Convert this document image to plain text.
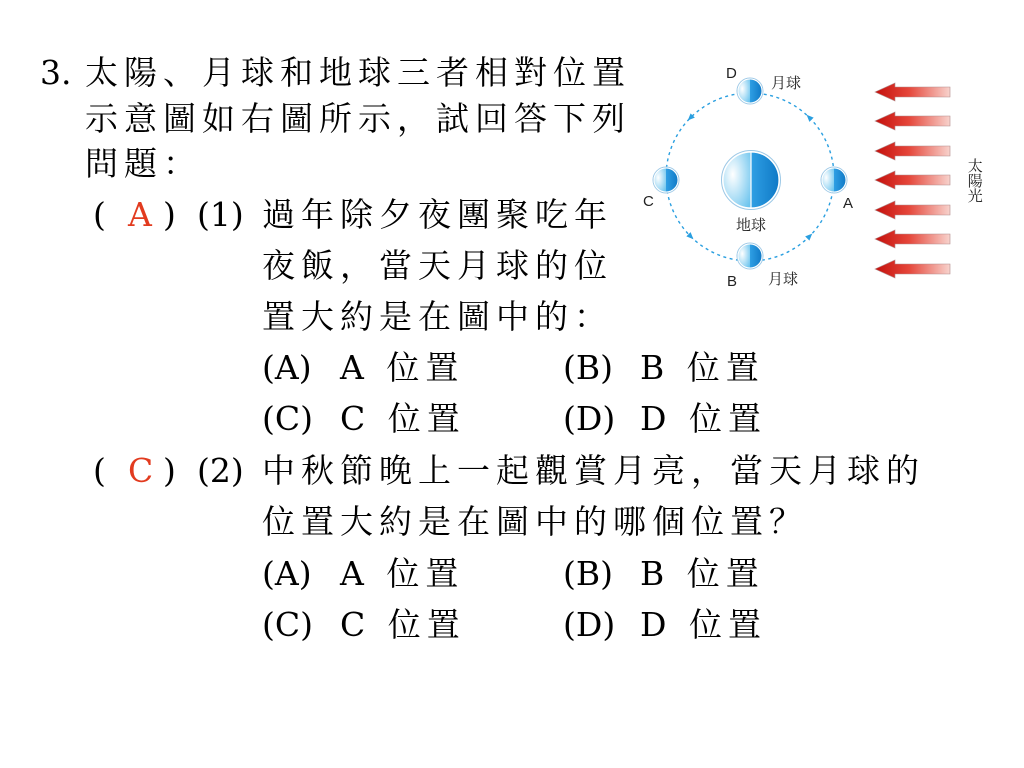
3. 太陽、月球和地球三者相對位置
示意圖如右圖所示，試回答下列
問題：
( A ) (1) 過年除夕夜團聚吃年
夜飯，當天月球的位
置大約是在圖中的：
(A) A 位置	(B) B 位置
(C) C 位置	(D) D 位置
( C ) (2) 中秋節晚上一起觀賞月亮，當天月球的
位置大約是在圖中的哪個位置？
(A) A 位置	(B) B 位置
(C) C 位置	(D) D 位置
地球
D
月球
B 月球
C	A
太陽光
